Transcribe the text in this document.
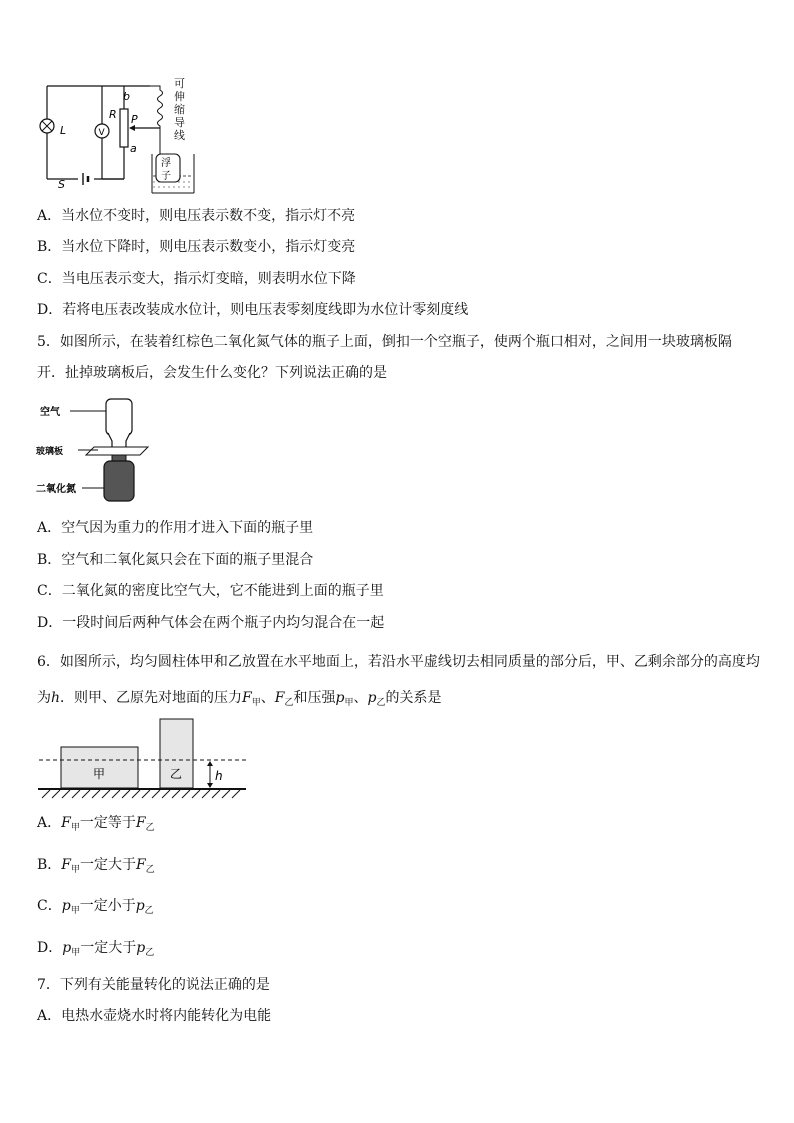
L	V
R
b
P
a
S
浮
子
可
伸
缩
导
线
A．当水位不变时，则电压表示数不变，指示灯不亮
B．当水位下降时，则电压表示数变小，指示灯变亮
C．当电压表示变大，指示灯变暗，则表明水位下降
D．若将电压表改装成水位计，则电压表零刻度线即为水位计零刻度线
5．如图所示，在装着红棕色二氧化氮气体的瓶子上面，倒扣一个空瓶子，使两个瓶口相对，之间用一块玻璃板隔
开．扯掉玻璃板后，会发生什么变化？下列说法正确的是
空气
玻璃板
二氧化氮
A．空气因为重力的作用才进入下面的瓶子里
B．空气和二氧化氮只会在下面的瓶子里混合
C．二氧化氮的密度比空气大，它不能进到上面的瓶子里
D．一段时间后两种气体会在两个瓶子内均匀混合在一起
6．如图所示，均匀圆柱体甲和乙放置在水平地面上，若沿水平虚线切去相同质量的部分后，甲、乙剩余部分的高度均
为h．则甲、乙原先对地面的压力$F_甲$、$F_乙$和压强$p_甲$、$p_乙$的关系是
甲	乙	h
A．$F_甲$一定等于$F_乙$
B．$F_甲$一定大于$F_乙$
C．$p_甲$一定小于$p_乙$
D．$p_甲$一定大于$p_乙$
7．下列有关能量转化的说法正确的是
A．电热水壶烧水时将内能转化为电能
